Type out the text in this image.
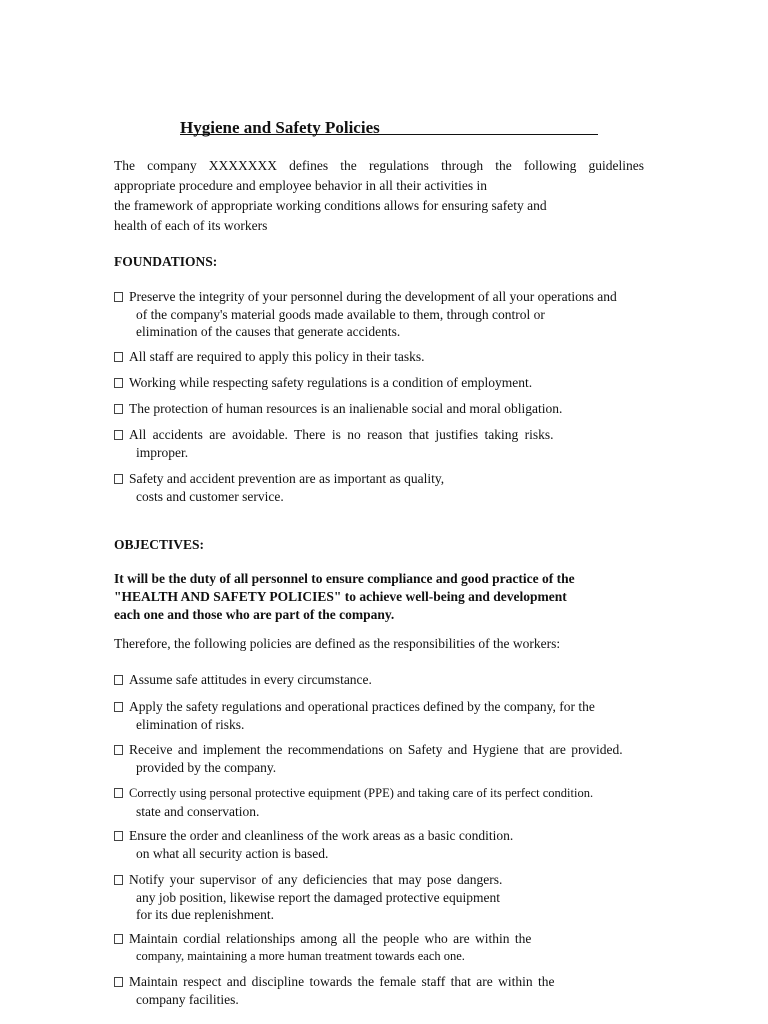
Hygiene and Safety Policies
The company XXXXXXX defines the regulations through the following guidelines
appropriate procedure and employee behavior in all their activities in
the framework of appropriate working conditions allows for ensuring safety and
health of each of its workers
FOUNDATIONS:
Preserve the integrity of your personnel during the development of all your operations and
of the company's material goods made available to them, through control or
elimination of the causes that generate accidents.
All staff are required to apply this policy in their tasks.
Working while respecting safety regulations is a condition of employment.
The protection of human resources is an inalienable social and moral obligation.
All accidents are avoidable. There is no reason that justifies taking risks.
improper.
Safety and accident prevention are as important as quality,
costs and customer service.
OBJECTIVES:
It will be the duty of all personnel to ensure compliance and good practice of the
"HEALTH AND SAFETY POLICIES" to achieve well-being and development
each one and those who are part of the company.
Therefore, the following policies are defined as the responsibilities of the workers:
Assume safe attitudes in every circumstance.
Apply the safety regulations and operational practices defined by the company, for the
elimination of risks.
Receive and implement the recommendations on Safety and Hygiene that are provided.
provided by the company.
Correctly using personal protective equipment (PPE) and taking care of its perfect condition.
state and conservation.
Ensure the order and cleanliness of the work areas as a basic condition.
on what all security action is based.
Notify your supervisor of any deficiencies that may pose dangers.
any job position, likewise report the damaged protective equipment
for its due replenishment.
Maintain cordial relationships among all the people who are within the
company, maintaining a more human treatment towards each one.
Maintain respect and discipline towards the female staff that are within the
company facilities.
